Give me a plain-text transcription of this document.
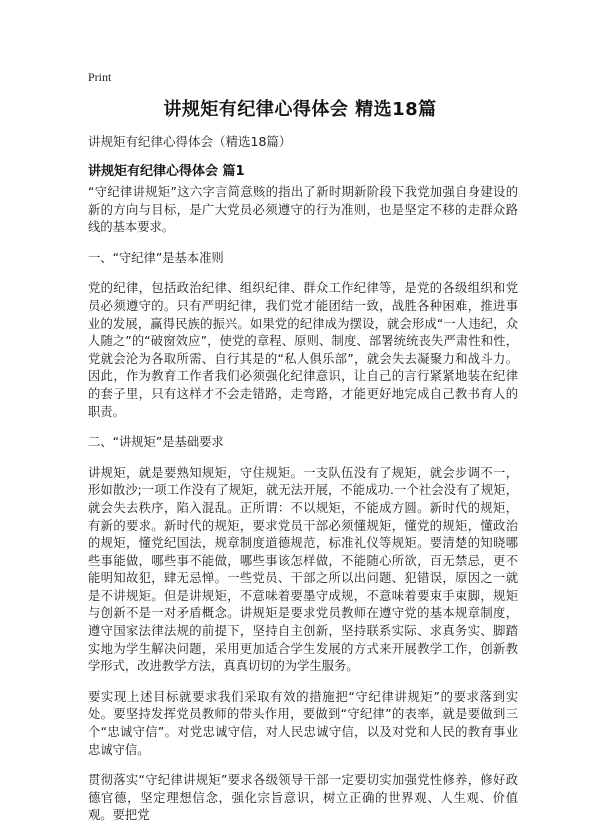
Print
讲规矩有纪律心得体会 精选18篇
讲规矩有纪律心得体会（精选18篇）
讲规矩有纪律心得体会 篇1

“守纪律讲规矩”这六字言简意赅的指出了新时期新阶段下我党加强自身建设的新的方向与目标，是广大党员必须遵守的行为准则，也是坚定不移的走群众路线的基本要求。

一、“守纪律”是基本准则

党的纪律，包括政治纪律、组织纪律、群众工作纪律等，是党的各级组织和党员必须遵守的。只有严明纪律，我们党才能团结一致，战胜各种困难，推进事业的发展，赢得民族的振兴。如果党的纪律成为摆设，就会形成“一人违纪，众人随之”的“破窗效应”，使党的章程、原则、制度、部署统统丧失严肃性和性，党就会沦为各取所需、自行其是的“私人俱乐部”，就会失去凝聚力和战斗力。因此，作为教育工作者我们必须强化纪律意识，让自己的言行紧紧地装在纪律的套子里，只有这样才不会走错路，走弯路，才能更好地完成自己教书育人的职责。

二、“讲规矩”是基础要求

讲规矩，就是要熟知规矩，守住规矩。一支队伍没有了规矩，就会步调不一，形如散沙;一项工作没有了规矩，就无法开展，不能成功.一个社会没有了规矩，就会失去秩序，陷入混乱。正所谓：不以规矩，不能成方圆。新时代的规矩，有新的要求。新时代的规矩，要求党员干部必须懂规矩，懂党的规矩，懂政治的规矩，懂党纪国法，规章制度道德规范，标准礼仪等规矩。要清楚的知晓哪些事能做，哪些事不能做，哪些事该怎样做，不能随心所欲，百无禁忌，更不能明知故犯，肆无忌惮。一些党员、干部之所以出问题、犯错误，原因之一就是不讲规矩。但是讲规矩，不意味着要墨守成规，不意味着要束手束脚，规矩与创新不是一对矛盾概念。讲规矩是要求党员教师在遵守党的基本规章制度，遵守国家法律法规的前提下，坚持自主创新，坚持联系实际、求真务实、脚踏实地为学生解决问题，采用更加适合学生发展的方式来开展教学工作，创新教学形式，改进教学方法，真真切切的为学生服务。

要实现上述目标就要求我们采取有效的措施把“守纪律讲规矩”的要求落到实处。要坚持发挥党员教师的带头作用，要做到“守纪律”的表率，就是要做到三个“忠诚守信”。对党忠诚守信，对人民忠诚守信，以及对党和人民的教育事业忠诚守信。

贯彻落实“守纪律讲规矩”要求各级领导干部一定要切实加强党性修养，修好政德官德，坚定理想信念，强化宗旨意识，树立正确的世界观、人生观、价值观。要把党
